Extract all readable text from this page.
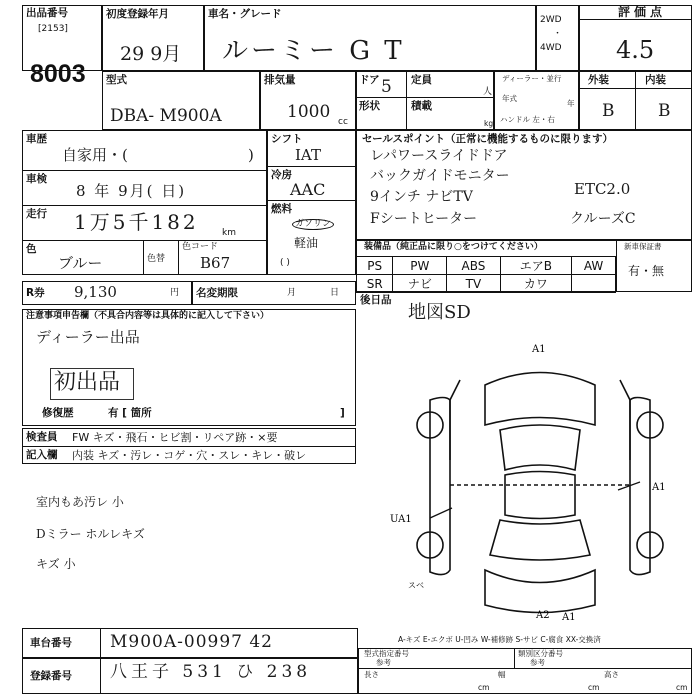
出品番号
[2153]
8003
初度登録年月
29 9月
車名・グレード
ルーミー G T
2WD
・
4WD
評価点
4.5
型式
DBA- M900A
排気量
1000 cc
ドア 5 定員
人
形状	積載
kg
ディーラー・並行
年式
年
ハンドル 左・右
外装	内装
B	B
車歴
自家用・(	)
車検
8 年 9月( 日)
走行 1万5千182	km
色
ブルー	色替
色コード
B67
シフト
IAT
冷房
AAC
燃料
ガソリン
軽油
( )
R券 9,130	円 名変期限	月	日
セールスポイント（正常に機能するものに限ります）
レパワースライドドア
バックガイドモニター
9インチ ナビTV	ETC2.0
Fシートヒーター	クルーズC
装備品（純正品に限り○をつけてください）	新車保証書
有・無
PS	PW	ABS	エアB	AW
SR	ナビ	TV	カワ	
後日品
地図SD
注意事項申告欄（不具合内容等は具体的に記入して下さい）
ディーラー出品
初出品
修復歴	有 [ 箇所	]
検査員 FW キズ・飛石・ヒビ割・リペア跡・×要
記入欄 内装 キズ・汚レ・コゲ・穴・スレ・キレ・破レ
室内もあ汚レ 小
Dミラー ホルレキズ
キズ 小
A1
A1
UA1
スベ
A2 A1
A-キズ E-エクボ U-凹み W-補修跡 S-サビ C-腐食 XX-交換済
車台番号 M900A-00997 42
登録番号 八王子 531 ひ 238
型式指定番号
参考
類別区分番号
参考
長さ
cm
幅
cm
高さ
cm
